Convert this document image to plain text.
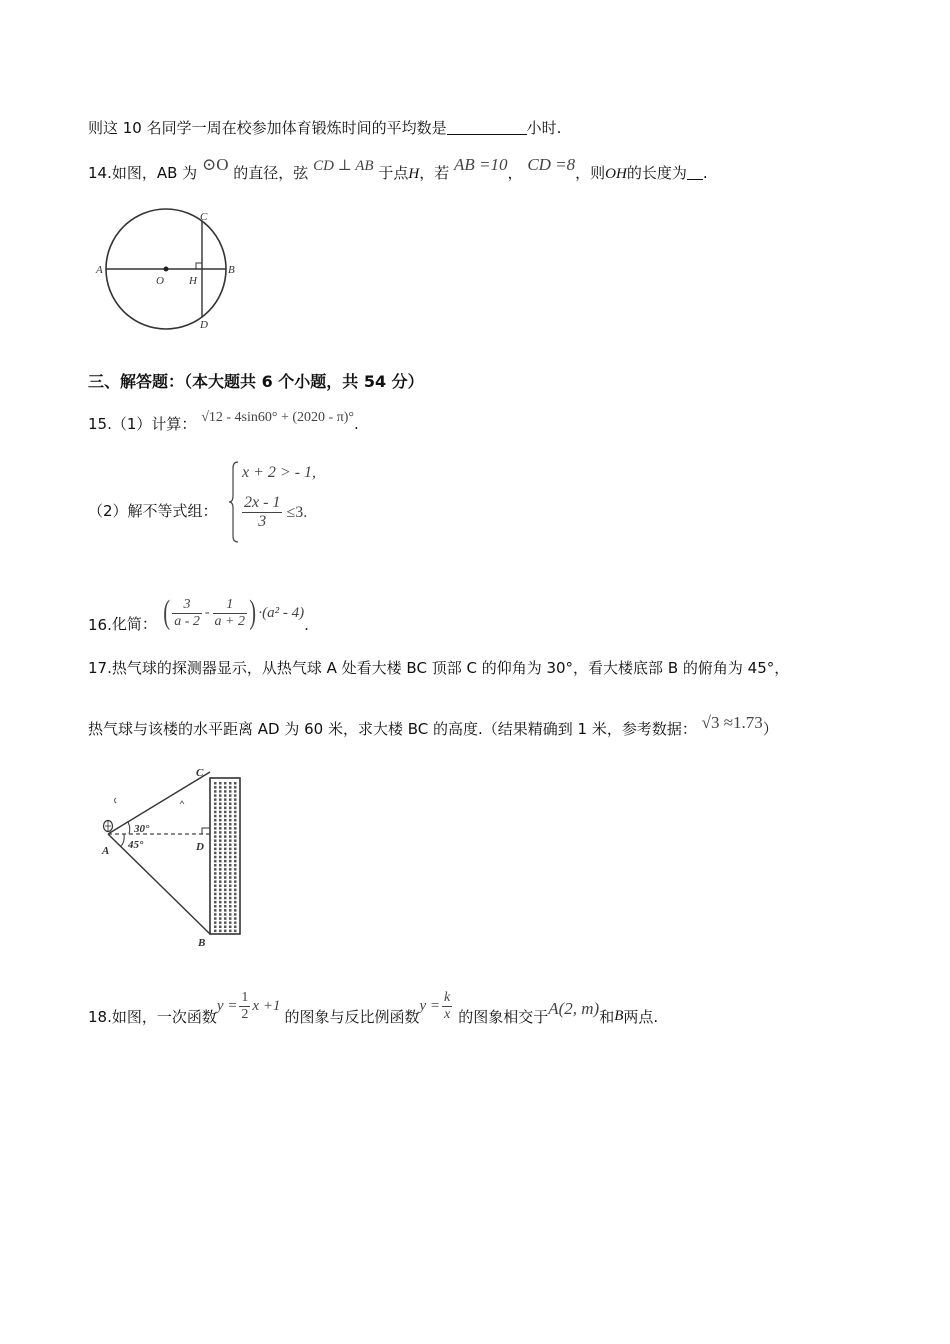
则这 10 名同学一周在校参加体育锻炼时间的平均数是	小时.
14.如图，AB 为 ⊙O 的直径，弦 CD ⊥ AB 于点H，若 AB =10， CD =8，则OH的长度为 .
A	B
C
D
O H
三、解答题：（本大题共 6 个小题，共 54 分）
15.（1）计算： √12 - 4sin60° + (2020 - π)°.
（2）解不等式组：
x + 2 > - 1,
$\frac{2x - 1}{3} \le 3$.
16. 化简： ( $\frac{3}{a - 2} - \frac{1}{a + 2}$ ) ·(a² - 4)
.
17.热气球的探测器显示，从热气球 A 处看大楼 BC 顶部 C 的仰角为 30°，看大楼底部 B 的俯角为 45°，
热气球与该楼的水平距离 AD 为 60 米，求大楼 BC 的高度.（结果精确到 1 米，参考数据： √3 ≈1.73）
C
B
D
A
30°
45°
18. 如图，一次函数
$y = \frac{1}{2}$ x +1
的图象与反比例函数
$y = \frac{k}{x}$ 的图象相交于 A(2, m) 和 B 两点.
